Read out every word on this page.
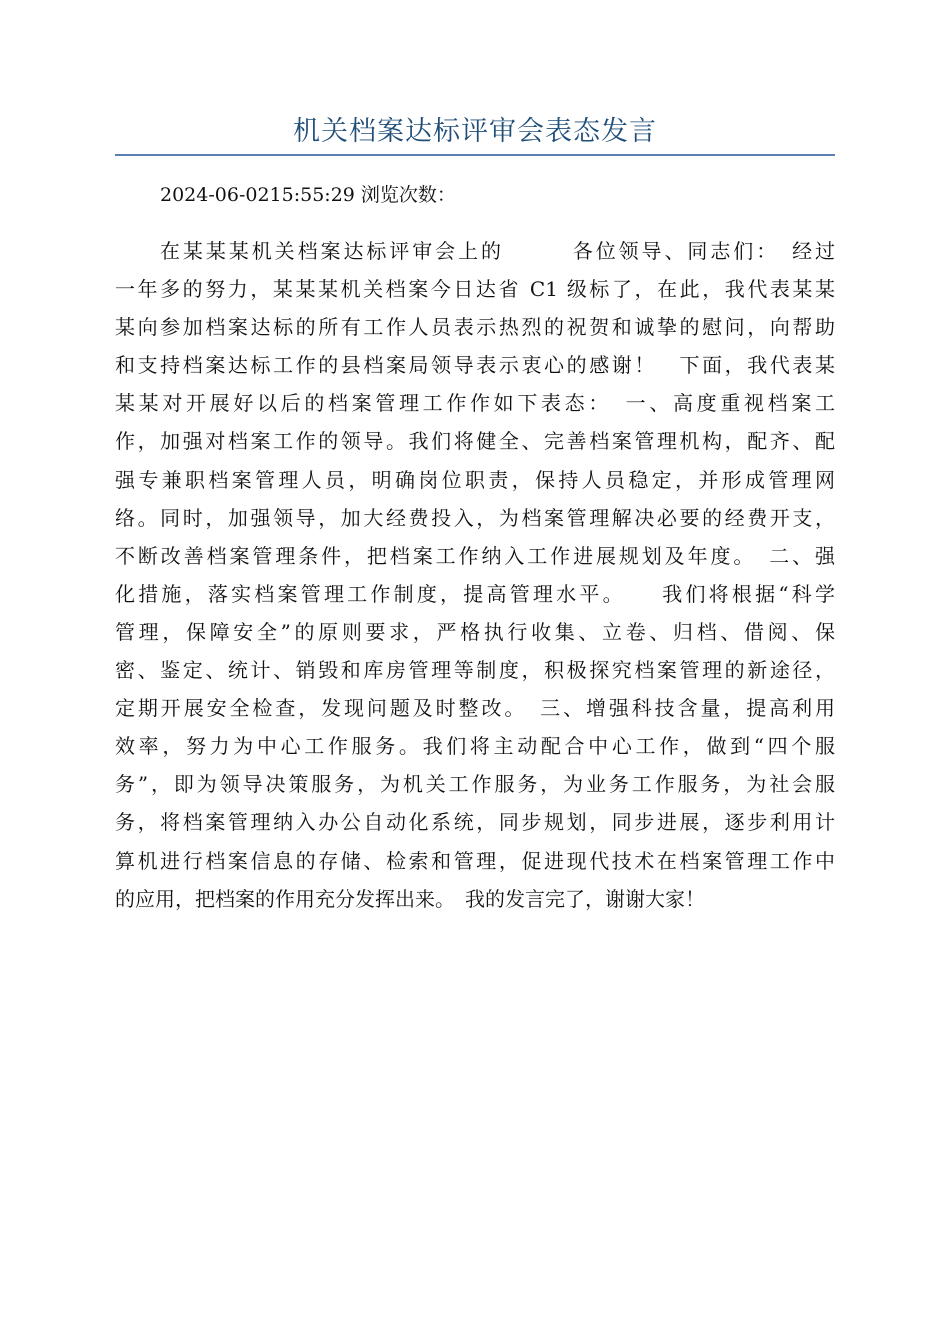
机关档案达标评审会表态发言
2024-06-0215:55:29 浏览次数：
在某某某机关档案达标评审会上的　　　各位领导、同志们：　经过
一年多的努力，某某某机关档案今日达省 C1 级标了，在此，我代表某某
某向参加档案达标的所有工作人员表示热烈的祝贺和诚挚的慰问，向帮助
和支持档案达标工作的县档案局领导表示衷心的感谢！　下面，我代表某
某某对开展好以后的档案管理工作作如下表态：　一、高度重视档案工
作，加强对档案工作的领导。我们将健全、完善档案管理机构，配齐、配
强专兼职档案管理人员，明确岗位职责，保持人员稳定，并形成管理网
络。同时，加强领导，加大经费投入，为档案管理解决必要的经费开支，
不断改善档案管理条件，把档案工作纳入工作进展规划及年度。　二、强
化措施，落实档案管理工作制度，提高管理水平。　　我们将根据“科学
管理，保障安全”的原则要求，严格执行收集、立卷、归档、借阅、保
密、鉴定、统计、销毁和库房管理等制度，积极探究档案管理的新途径，
定期开展安全检查，发现问题及时整改。　三、增强科技含量，提高利用
效率，努力为中心工作服务。我们将主动配合中心工作，做到“四个服
务”，即为领导决策服务，为机关工作服务，为业务工作服务，为社会服
务，将档案管理纳入办公自动化系统，同步规划，同步进展，逐步利用计
算机进行档案信息的存储、检索和管理，促进现代技术在档案管理工作中
的应用，把档案的作用充分发挥出来。　我的发言完了，谢谢大家！
